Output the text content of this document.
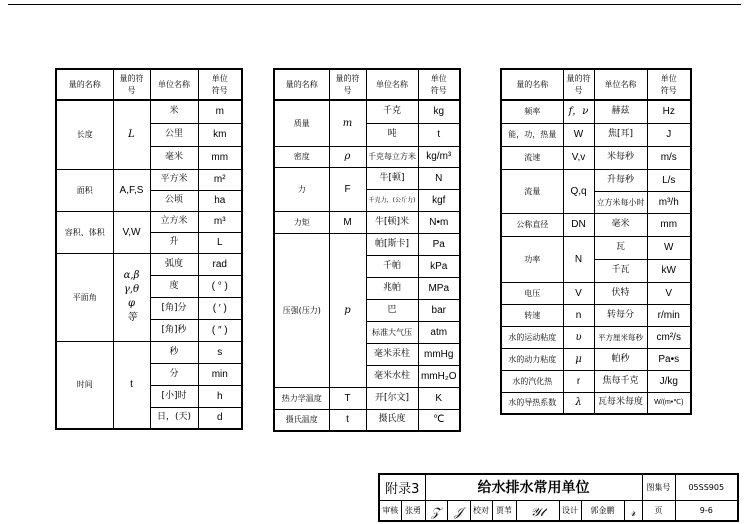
量的名称	量的符号	单位名称	单位符号
长度	L	米	m
		公里	km
		毫米	mm
面积	A,F,S	平方米	m²
		公顷	ha
容积、体积	V,W	立方米	m³
		升	L
平面角	α,β γ,θ φ等	弧度	rad
		度	( ° )
		[角]分	( ′ )
		[角]秒	( ″ )
时间	t	秒	s
		分	min
		[小]时	h
		日，(天)	d
量的名称	量的符号	单位名称	单位符号
质量	m	千克	kg
		吨	t
密度	ρ	千克每立方米	kg/m³
力	F	牛[顿]	N
		千克力，(公斤力)	kgf
力矩	M	牛[顿]米	N•m
压强(压力)	p	帕[斯卡]	Pa
		千帕	kPa
		兆帕	MPa
		巴	bar
		标准大气压	atm
		毫米汞柱	mmHg
		毫米水柱	mmH₂O
热力学温度	T	开[尔文]	K
摄氏温度	t	摄氏度	℃
量的名称	量的符号	单位名称	单位符号
频率	f，ν	赫兹	Hz
能，功，热量	W	焦[耳]	J
流速	V,v	米每秒	m/s
流量	Q,q	升每秒	L/s
		立方米每小时	m³/h
公称直径	DN	毫米	mm
功率	N	瓦	W
		千瓦	kW
电压	V	伏特	V
转速	n	转每分	r/min
水的运动粘度	υ	平方厘米每秒	cm²/s
水的动力粘度	μ	帕秒	Pa•s
水的汽化热	r	焦每千克	J/kg
水的导热系数	λ	瓦每米每度	W/(m•℃)
附录3		给水排水常用单位								图集号	05SS905
审核	张勇	𝒵	𝒥	校对	贾苇	𝒴𝓉	设计	郭金鹏	𝓇	页	9-6
